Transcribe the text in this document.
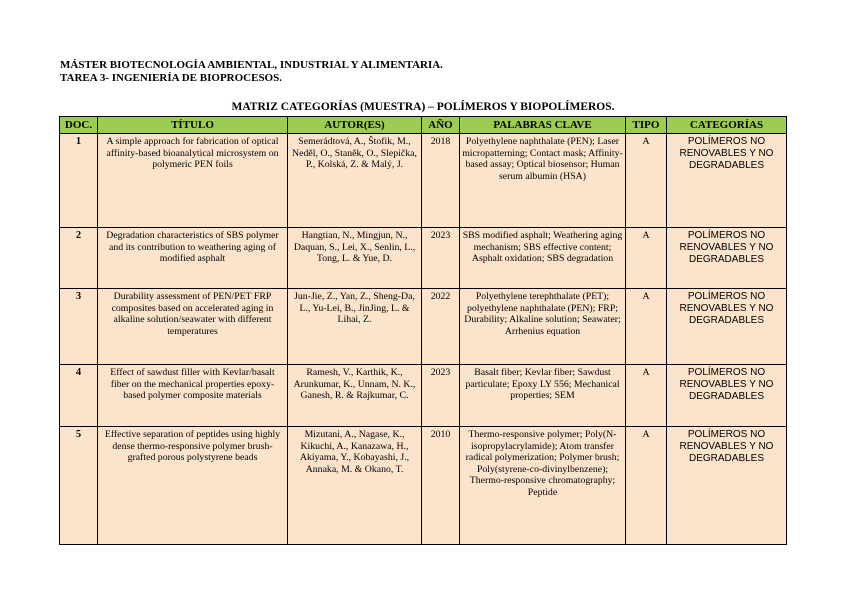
MÁSTER BIOTECNOLOGÍA AMBIENTAL, INDUSTRIAL Y ALIMENTARIA.
TAREA 3- INGENIERÍA DE BIOPROCESOS.
MATRIZ CATEGORÍAS (MUESTRA) – POLÍMEROS Y BIOPOLÍMEROS.
DOC.	TÍTULO	AUTOR(ES)	AÑO	PALABRAS CLAVE	TIPO	CATEGORÍAS
1	A simple approach for fabrication of optical affinity-based bioanalytical microsystem on polymeric PEN foils	Semerádtová, A., Štofik, M., Neděl, O., Staněk, O., Slepička, P., Kolská, Z. & Malý, J.	2018	Polyethylene naphthalate (PEN); Laser micropatterning; Contact mask; Affinity-based assay; Optical biosensor; Human serum albumin (HSA)	A	POLÍMEROS NO RENOVABLES Y NO DEGRADABLES

2	Degradation characteristics of SBS polymer and its contribution to weathering aging of modified asphalt	Hangtian, N., Mingjun, N., Daquan, S., Lei, X., Senlin, L., Tong, L. & Yue, D.	2023	SBS modified asphalt; Weathering aging mechanism; SBS effective content; Asphalt oxidation; SBS degradation	A	POLÍMEROS NO RENOVABLES Y NO DEGRADABLES

3	Durability assessment of PEN/PET FRP composites based on accelerated aging in alkaline solution/seawater with different temperatures	Jun-Jie, Z., Yan, Z., Sheng-Da, L., Yu-Lei, B., JinJing, L. & Lihai, Z.	2022	Polyethylene terephthalate (PET); polyethylene naphthalate (PEN); FRP; Durability; Alkaline solution; Seawater; Arrhenius equation	A	POLÍMEROS NO RENOVABLES Y NO DEGRADABLES

4	Effect of sawdust filler with Kevlar/basalt fiber on the mechanical properties epoxy-based polymer composite materials	Ramesh, V., Karthik, K., Arunkumar, K., Unnam, N. K., Ganesh, R. & Rajkumar, C.	2023	Basalt fiber; Kevlar fiber; Sawdust particulate; Epoxy LY 556; Mechanical properties; SEM	A	POLÍMEROS NO RENOVABLES Y NO DEGRADABLES

5	Effective separation of peptides using highly dense thermo-responsive polymer brush-grafted porous polystyrene beads	Mizutani, A., Nagase, K., Kikuchi, A., Kanazawa, H., Akiyama, Y., Kobayashi, J., Annaka, M. & Okano, T.	2010	Thermo-responsive polymer; Poly(N-isopropylacrylamide); Atom transfer radical polymerization; Polymer brush; Poly(styrene-co-divinylbenzene); Thermo-responsive chromatography; Peptide	A	POLÍMEROS NO RENOVABLES Y NO DEGRADABLES
